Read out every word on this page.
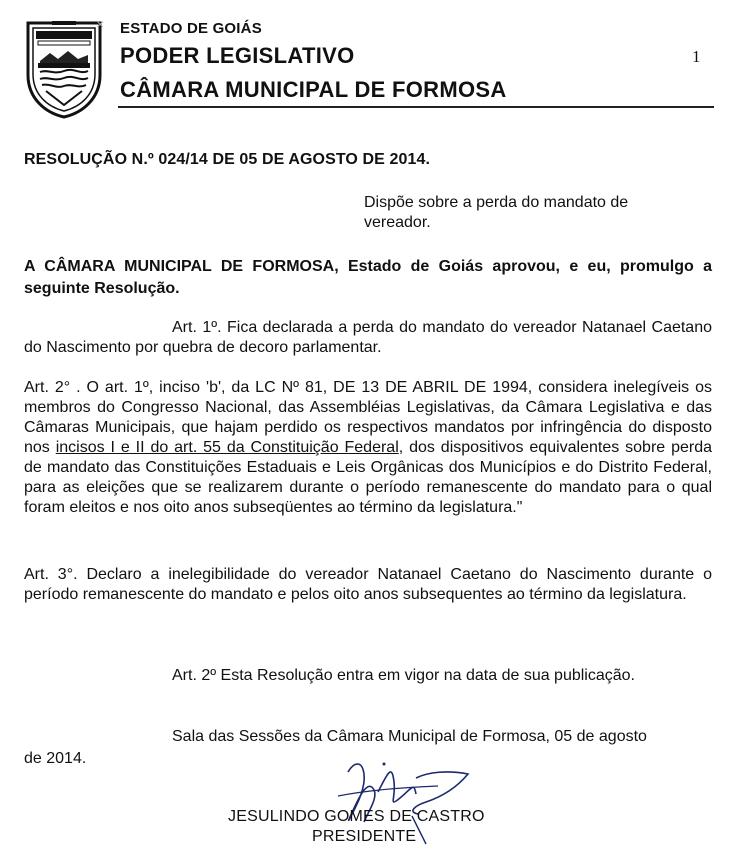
✕ ESTADO DE GOIÁS
PODER LEGISLATIVO
CÂMARA MUNICIPAL DE FORMOSA
1
RESOLUÇÃO N.º 024/14 DE 05 DE AGOSTO DE 2014.
Dispõe sobre a perda do mandato de vereador.
A CÂMARA MUNICIPAL DE FORMOSA, Estado de Goiás aprovou, e eu, promulgo a seguinte Resolução.
Art. 1º. Fica declarada a perda do mandato do vereador Natanael Caetano do Nascimento por quebra de decoro parlamentar.
Art. 2° . O art. 1º, inciso 'b', da LC Nº 81, DE 13 DE ABRIL DE 1994, considera inelegíveis os membros do Congresso Nacional, das Assembléias Legislativas, da Câmara Legislativa e das Câmaras Municipais, que hajam perdido os respectivos mandatos por infringência do disposto nos incisos I e II do art. 55 da Constituição Federal, dos dispositivos equivalentes sobre perda de mandato das Constituições Estaduais e Leis Orgânicas dos Municípios e do Distrito Federal, para as eleições que se realizarem durante o período remanescente do mandato para o qual foram eleitos e nos oito anos subseqüentes ao término da legislatura."
Art. 3°. Declaro a inelegibilidade do vereador Natanael Caetano do Nascimento durante o período remanescente do mandato e pelos oito anos subsequentes ao término da legislatura.
Art. 2º Esta Resolução entra em vigor na data de sua publicação.
Sala das Sessões da Câmara Municipal de Formosa, 05 de agosto
de 2014.
JESULINDO GOMES DE CASTRO
PRESIDENTE
